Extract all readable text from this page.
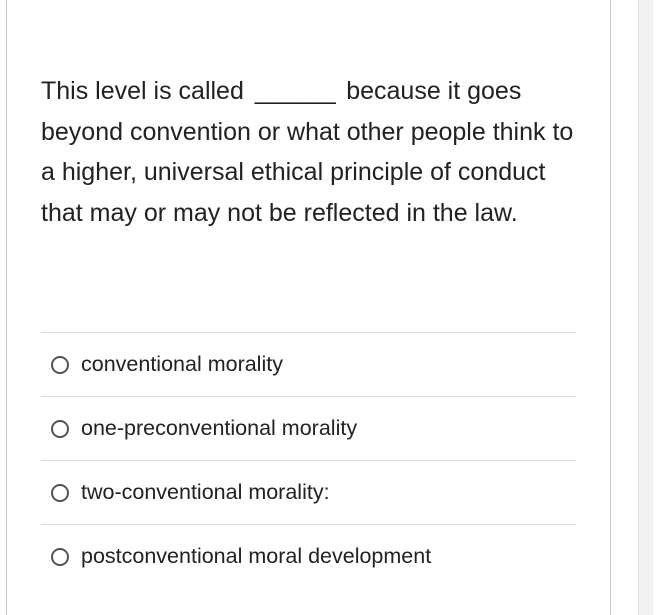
This level is called ______ because it goes beyond convention or what other people think to a higher, universal ethical principle of conduct that may or may not be reflected in the law.

conventional morality
one-preconventional morality
two-conventional morality:
postconventional moral development
